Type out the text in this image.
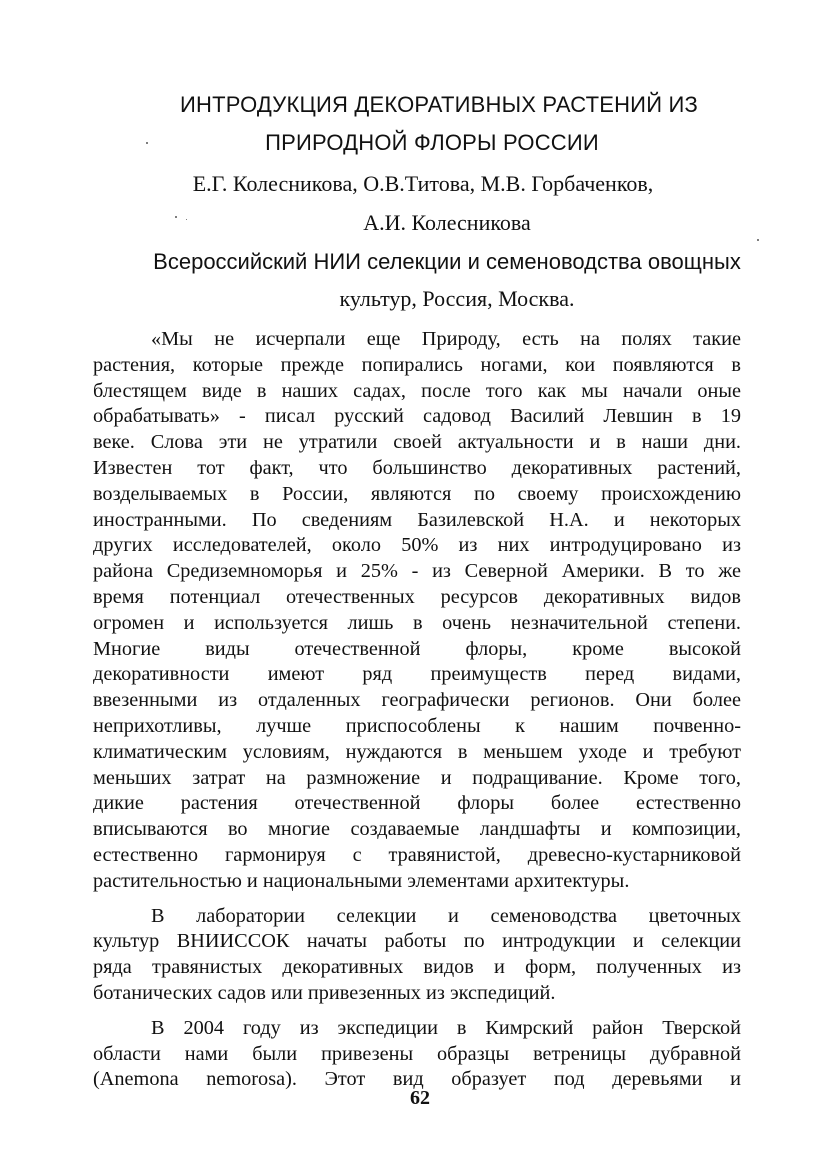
ИНТРОДУКЦИЯ ДЕКОРАТИВНЫХ РАСТЕНИЙ ИЗ
ПРИРОДНОЙ ФЛОРЫ РОССИИ
Е.Г. Колесникова, О.В.Титова, М.В. Горбаченков,
А.И. Колесникова
Всероссийский НИИ селекции и семеноводства овощных
культур, Россия, Москва.

«Мы не исчерпали еще Природу, есть на полях такие
растения, которые прежде попирались ногами, кои появляются в
блестящем виде в наших садах, после того как мы начали оные
обрабатывать» - писал русский садовод Василий Левшин в 19
веке. Слова эти не утратили своей актуальности и в наши дни.
Известен тот факт, что большинство декоративных растений,
возделываемых в России, являются по своему происхождению
иностранными. По сведениям Базилевской Н.А. и некоторых
других исследователей, около 50% из них интродуцировано из
района Средиземноморья и 25% - из Северной Америки. В то же
время потенциал отечественных ресурсов декоративных видов
огромен и используется лишь в очень незначительной степени.
Многие виды отечественной флоры, кроме высокой
декоративности имеют ряд преимуществ перед видами,
ввезенными из отдаленных географически регионов. Они более
неприхотливы, лучше приспособлены к нашим почвенно-
климатическим условиям, нуждаются в меньшем уходе и требуют
меньших затрат на размножение и подращивание. Кроме того,
дикие растения отечественной флоры более естественно
вписываются во многие создаваемые ландшафты и композиции,
естественно гармонируя с травянистой, древесно-кустарниковой
растительностью и национальными элементами архитектуры.

В лаборатории селекции и семеноводства цветочных
культур ВНИИССОК начаты работы по интродукции и селекции
ряда травянистых декоративных видов и форм, полученных из
ботанических садов или привезенных из экспедиций.

В 2004 году из экспедиции в Кимрский район Тверской
области нами были привезены образцы ветреницы дубравной
(Anemona nemorosa). Этот вид образует под деревьями и

62
